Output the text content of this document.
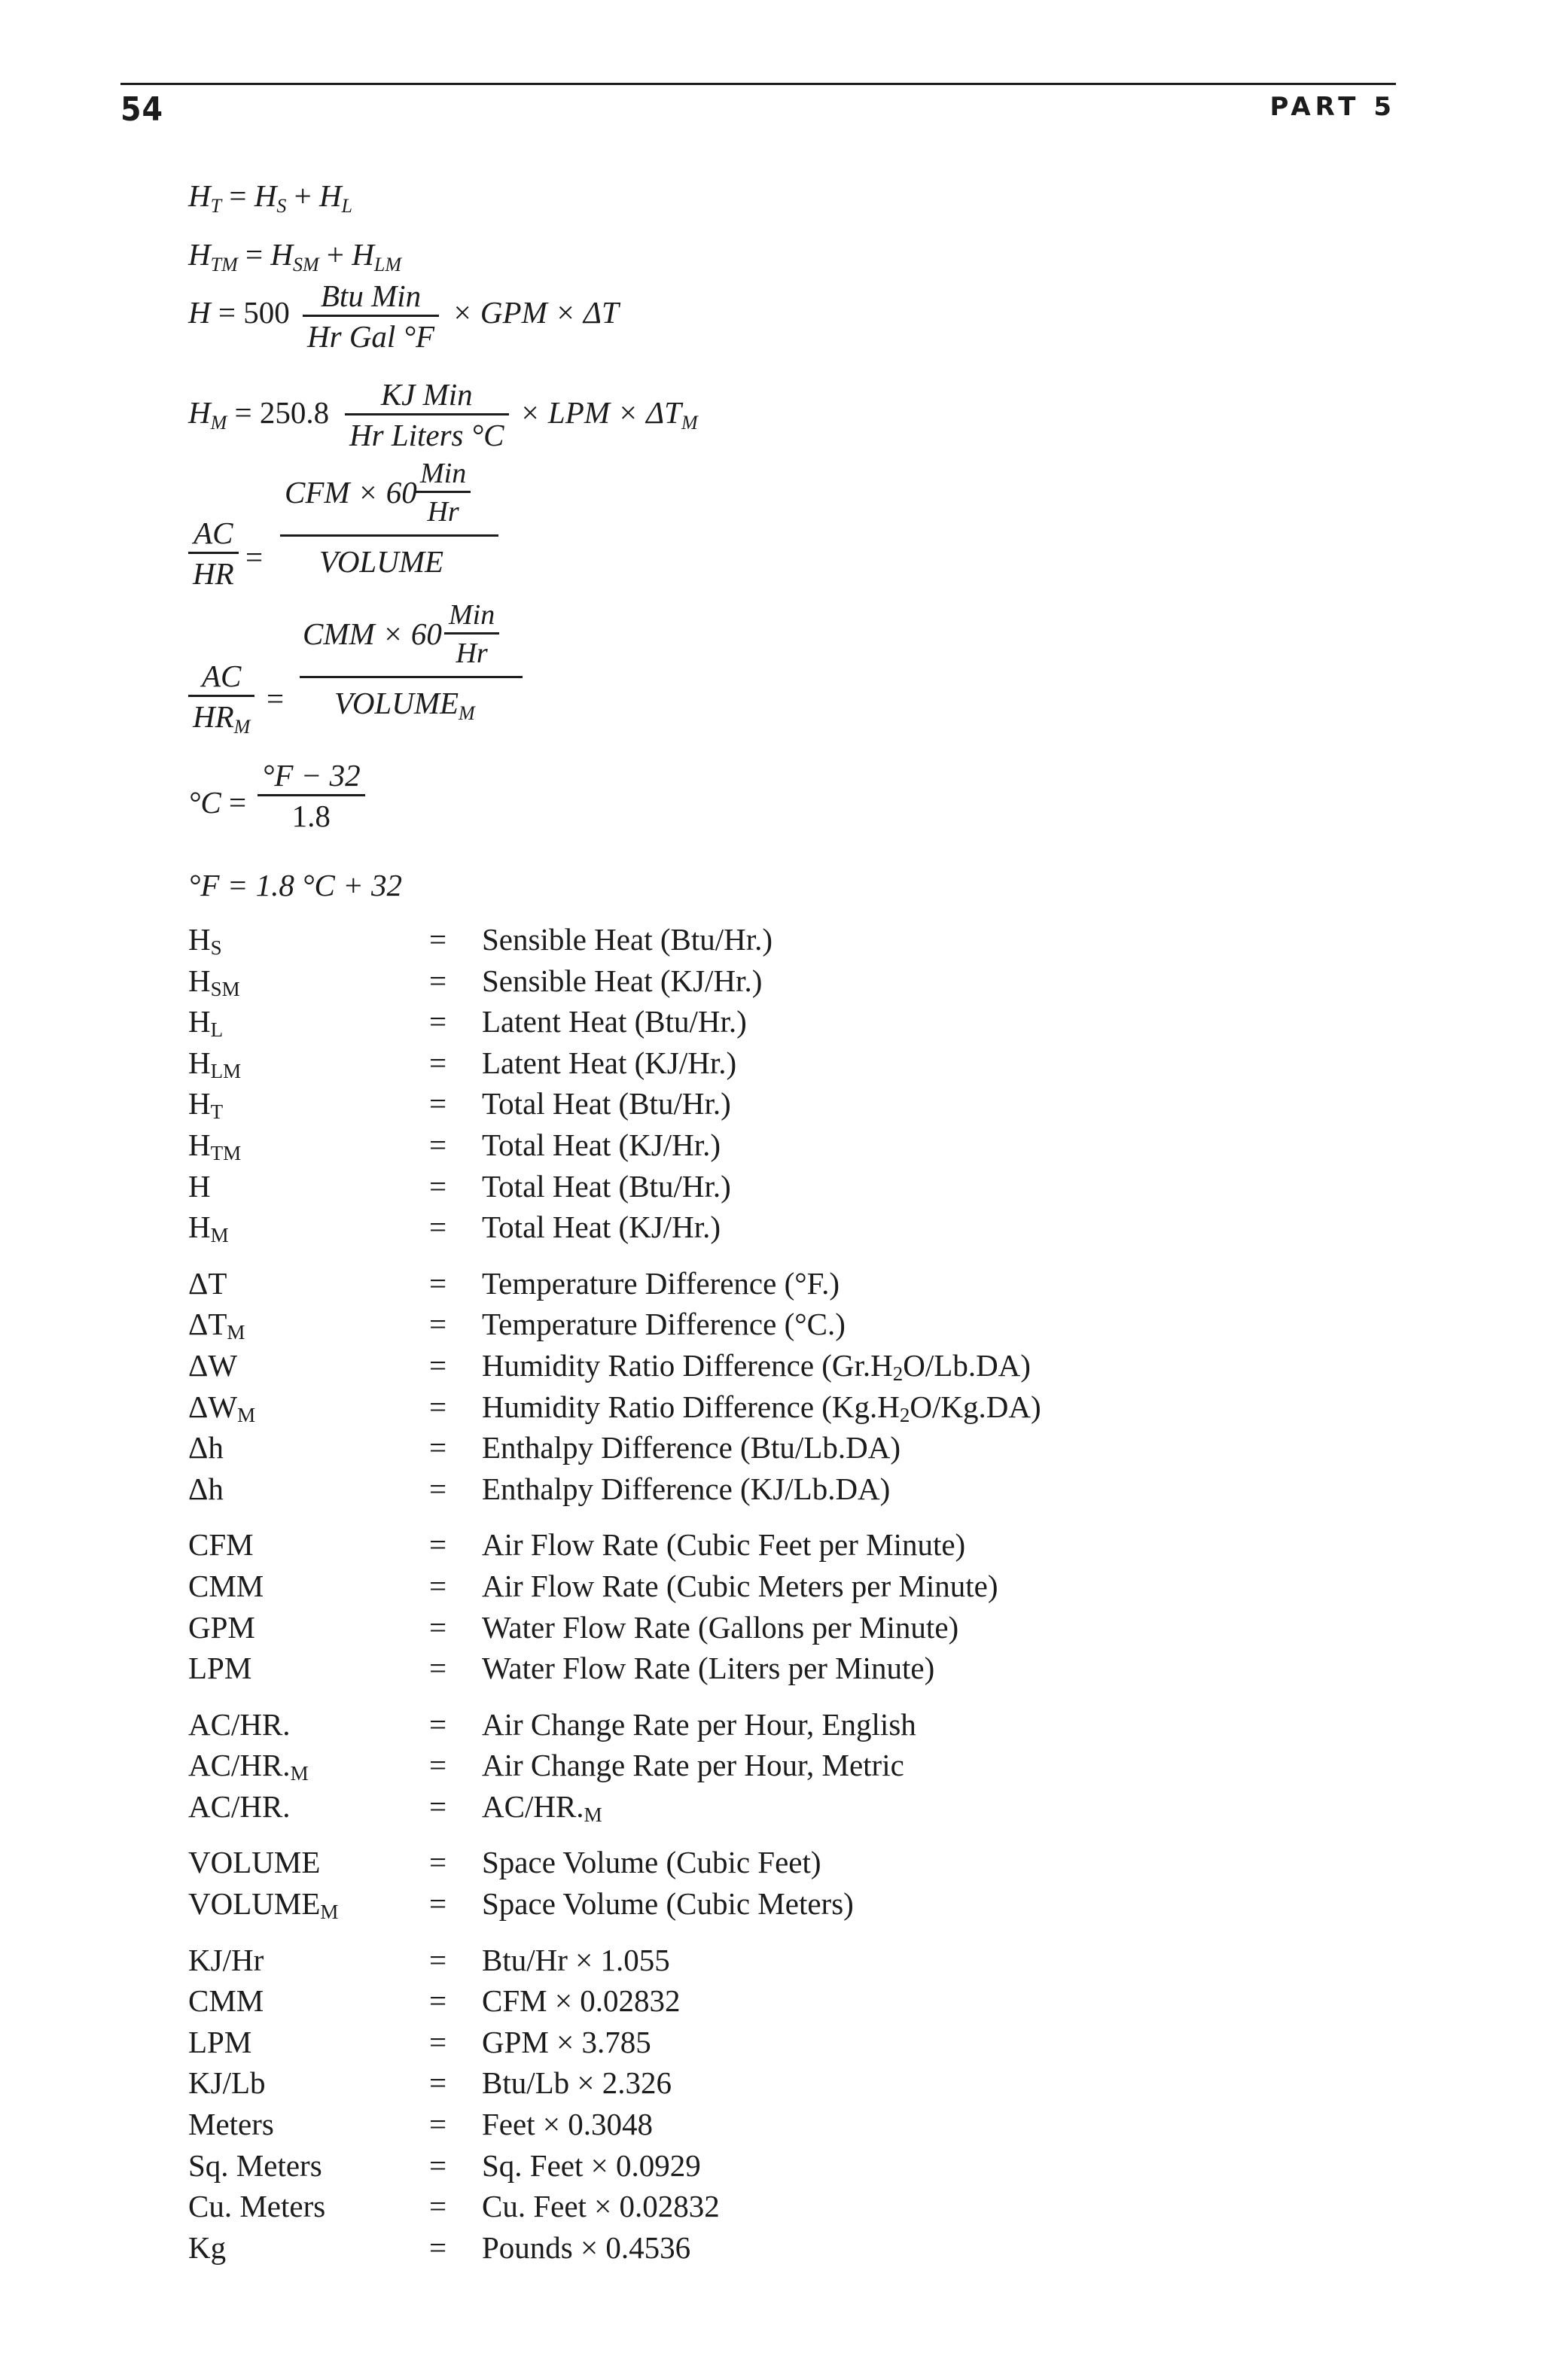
54	PART 5
$H_T = H_S + H_L$
$H_{TM} = H_{SM} + H_{LM}$
H = 500	Btu Min
Hr Gal °F
× GPM × ΔT
$H_M = 250.8$
KJ Min
Hr Liters °C
× LPM × $\Delta T_M$
$\frac{AC}{HR}$ =
CFM × 60
Min
Hr
VOLUME
AC
$HR_M$
=
CMM × 60
Min
Hr
$VOLUME_M$
$^\circ C = \frac{^\circ F - 32}{1.8}$
°F = 1.8 °C + 32
$H_S$	= Sensible Heat (Btu/Hr.)
$H_{SM}$	= Sensible Heat (KJ/Hr.)
$H_L$	= Latent Heat (Btu/Hr.)
$H_{LM}$	= Latent Heat (KJ/Hr.)
$H_T$	= Total Heat (Btu/Hr.)
$H_{TM}$	= Total Heat (KJ/Hr.)
H	= Total Heat (Btu/Hr.)
$H_M$	= Total Heat (KJ/Hr.)
ΔT	= Temperature Difference (°F.)
$\Delta T_M$	= Temperature Difference (°C.)
ΔW	= Humidity Ratio Difference $(Gr.H_2O/Lb.DA)$
$\Delta W_M$	= Humidity Ratio Difference $(Kg.H_2O/Kg.DA)$
Δh	= Enthalpy Difference (Btu/Lb.DA)
Δh	= Enthalpy Difference (KJ/Lb.DA)
CFM	= Air Flow Rate (Cubic Feet per Minute)
CMM	= Air Flow Rate (Cubic Meters per Minute)
GPM	= Water Flow Rate (Gallons per Minute)
LPM	= Water Flow Rate (Liters per Minute)
AC/HR.	= Air Change Rate per Hour, English
$AC/HR._M$	= Air Change Rate per Hour, Metric
AC/HR.	= $AC/HR._M$
VOLUME	= Space Volume (Cubic Feet)
$VOLUME_M$	= Space Volume (Cubic Meters)
KJ/Hr	= Btu/Hr × 1.055
CMM	= CFM × 0.02832
LPM	= GPM × 3.785
KJ/Lb	= Btu/Lb × 2.326
Meters	= Feet × 0.3048
Sq. Meters	= Sq. Feet × 0.0929
Cu. Meters	= Cu. Feet × 0.02832
Kg	= Pounds × 0.4536
